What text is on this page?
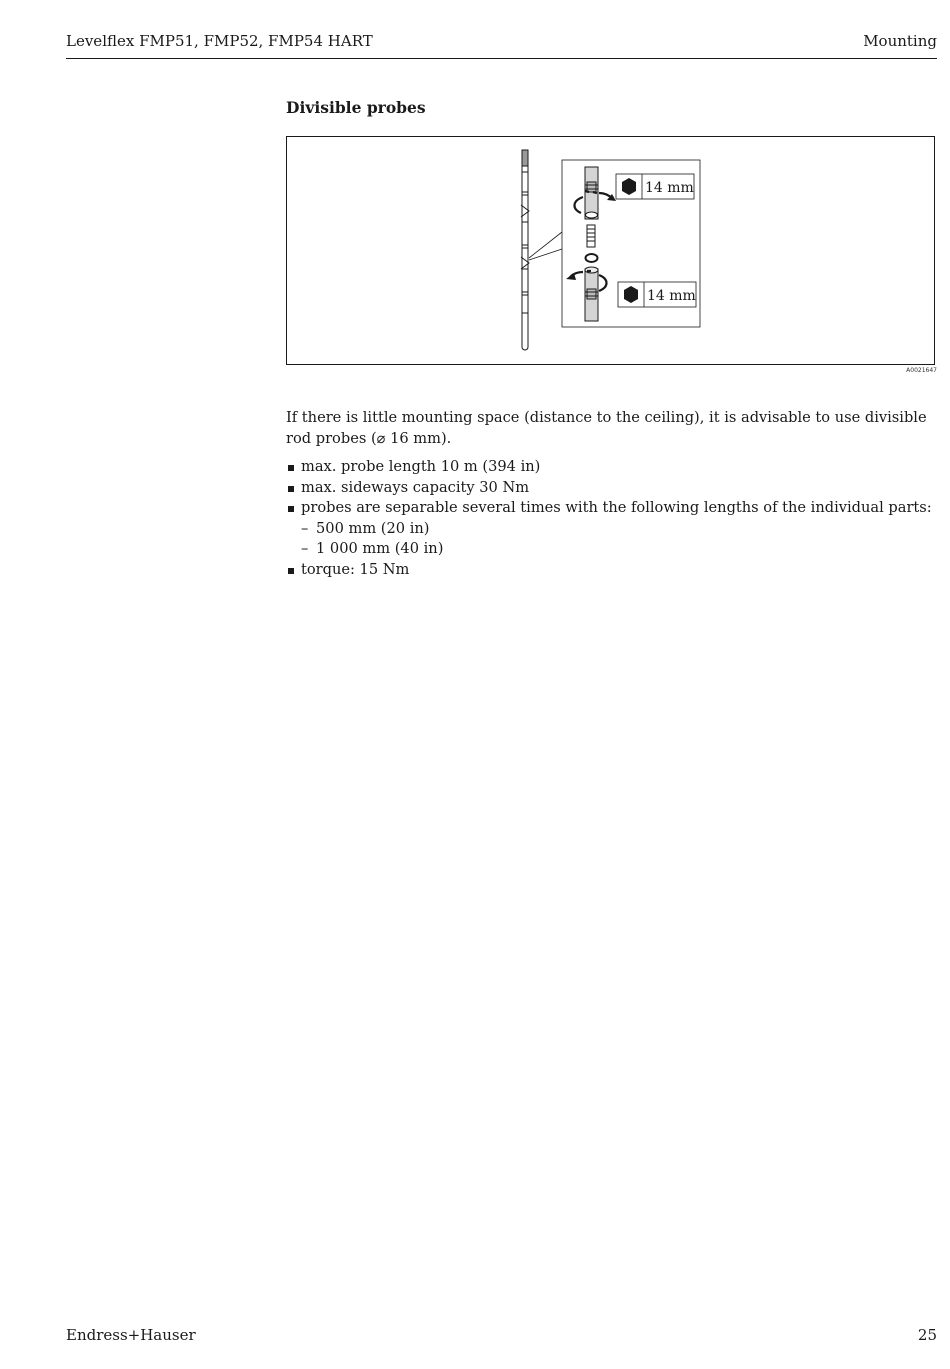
Levelflex FMP51, FMP52, FMP54 HART	Mounting
Divisible probes
14 mm
14 mm
A0021647

If there is little mounting space (distance to the ceiling), it is advisable to use divisible rod probes (⌀ 16 mm).

max. probe length 10 m (394 in)
max. sideways capacity 30 Nm
probes are separable several times with the following lengths of the individual parts:
– 500 mm (20 in)
– 1 000 mm (40 in)
torque: 15 Nm
Endress+Hauser	25
